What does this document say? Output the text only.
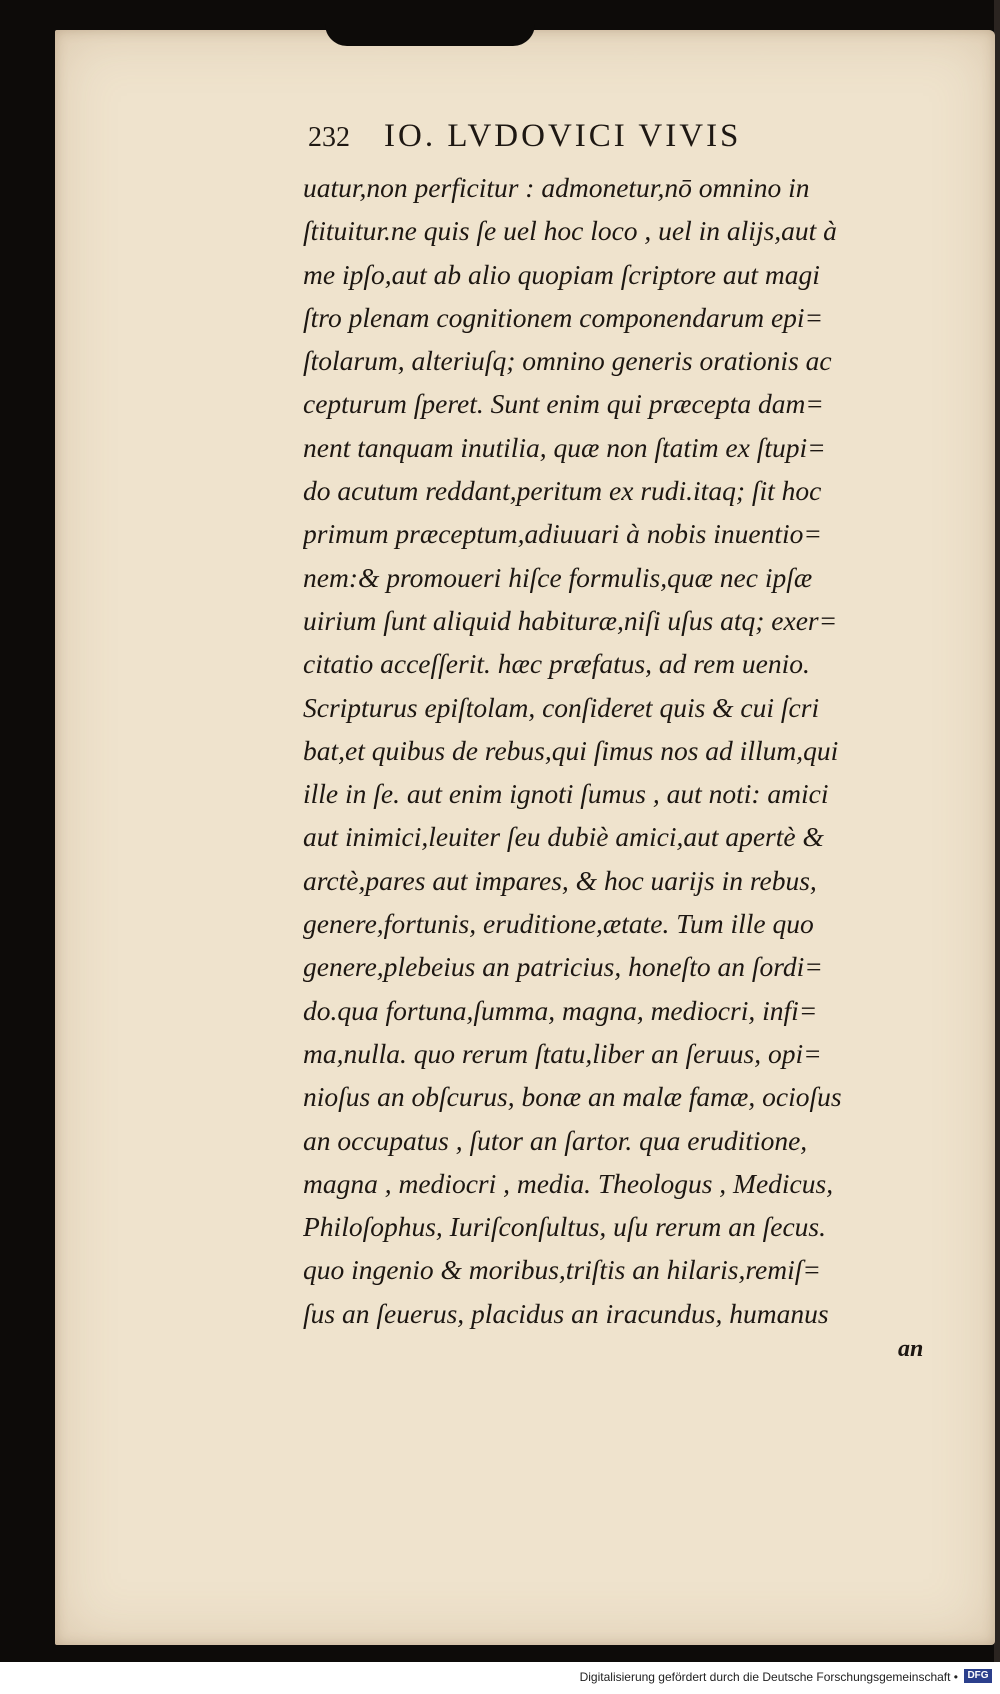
232 IO. LVDOVICI VIVIS
uatur,non perficitur : admonetur,nō omnino in
ſtituitur.ne quis ſe uel hoc loco , uel in alijs,aut à
me ipſo,aut ab alio quopiam ſcriptore aut magi
ſtro plenam cognitionem componendarum epi=
ſtolarum, alteriuſq; omnino generis orationis ac
cepturum ſperet. Sunt enim qui præcepta dam=
nent tanquam inutilia, quæ non ſtatim ex ſtupi=
do acutum reddant,peritum ex rudi.itaq; ſit hoc
primum præceptum,adiuuari à nobis inuentio=
nem:& promoueri hiſce formulis,quæ nec ipſæ
uirium ſunt aliquid habituræ,niſi uſus atq; exer=
citatio acceſſerit. hæc præfatus, ad rem uenio.
Scripturus epiſtolam, conſideret quis & cui ſcri
bat,et quibus de rebus,qui ſimus nos ad illum,qui
ille in ſe. aut enim ignoti ſumus , aut noti: amici
aut inimici,leuiter ſeu dubiè amici,aut apertè &
arctè,pares aut impares, & hoc uarijs in rebus,
genere,fortunis, eruditione,ætate. Tum ille quo
genere,plebeius an patricius, honeſto an ſordi=
do.qua fortuna,ſumma, magna, mediocri, infi=
ma,nulla. quo rerum ſtatu,liber an ſeruus, opi=
nioſus an obſcurus, bonæ an malæ famæ, ocioſus
an occupatus , ſutor an ſartor. qua eruditione,
magna , mediocri , media. Theologus , Medicus,
Philoſophus, Iuriſconſultus, uſu rerum an ſecus.
quo ingenio & moribus,triſtis an hilaris,remiſ=
ſus an ſeuerus, placidus an iracundus, humanus
an
Digitalisierung gefördert durch die Deutsche Forschungsgemeinschaft • DFG
